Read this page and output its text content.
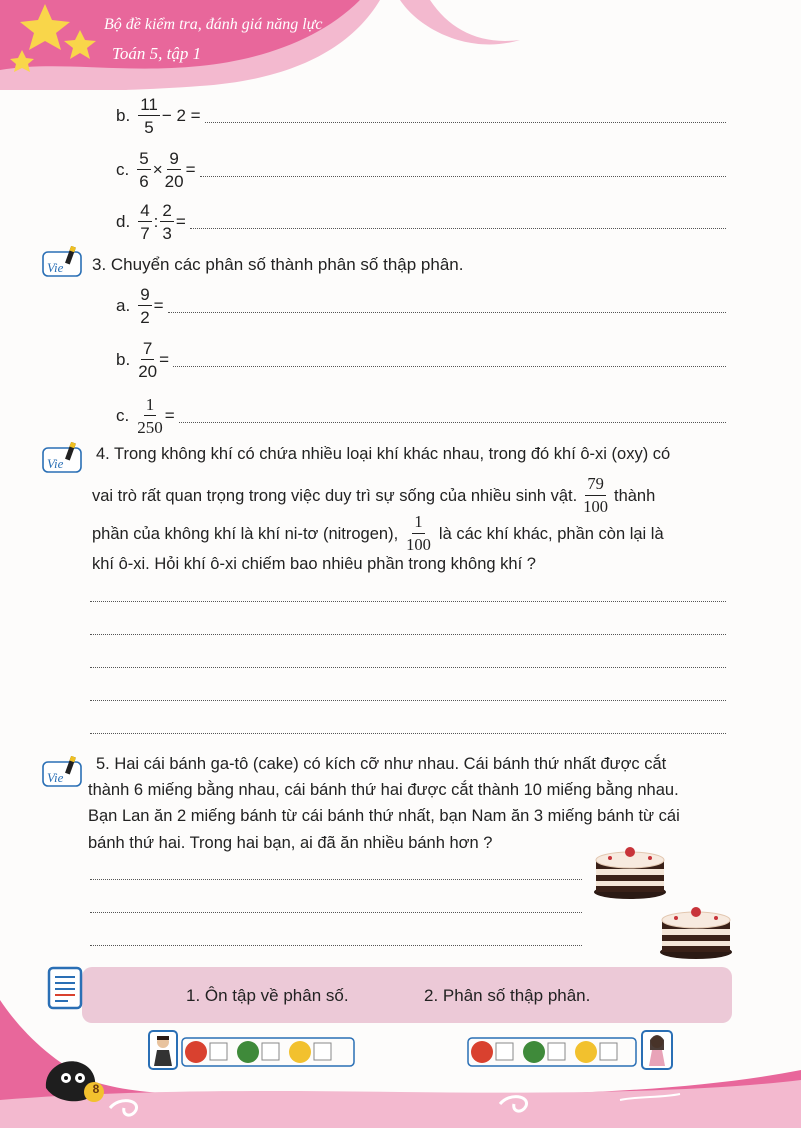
Bộ đề kiểm tra, đánh giá năng lực
Toán 5, tập 1
b. $\frac{11}{5} - 2$ =
c. $\frac{5}{6} \times \frac{9}{20}$ =
d. $\frac{4}{7}$ : $\frac{2}{3}$ =
Vie
Vie
Vie
3. Chuyển các phân số thành phân số thập phân.
a. $\frac{9}{2}$ =
b. $\frac{7}{20}$ =
c. $\frac{1}{250}$ =
4. Trong không khí có chứa nhiều loại khí khác nhau, trong đó khí ô-xi (oxy) có
vai trò rất quan trọng trong việc duy trì sự sống của nhiều sinh vật. $\frac{79}{100}$ thành
phần của không khí là khí ni-tơ (nitrogen), $\frac{1}{100}$ là các khí khác, phần còn lại là
khí ô-xi. Hỏi khí ô-xi chiếm bao nhiêu phần trong không khí ?
5. Hai cái bánh ga-tô (cake) có kích cỡ như nhau. Cái bánh thứ nhất được cắt
thành 6 miếng bằng nhau, cái bánh thứ hai được cắt thành 10 miếng bằng nhau.
Bạn Lan ăn 2 miếng bánh từ cái bánh thứ nhất, bạn Nam ăn 3 miếng bánh từ cái
bánh thứ hai. Trong hai bạn, ai đã ăn nhiều bánh hơn ?
1. Ôn tập về phân số.	2. Phân số thập phân.
8
